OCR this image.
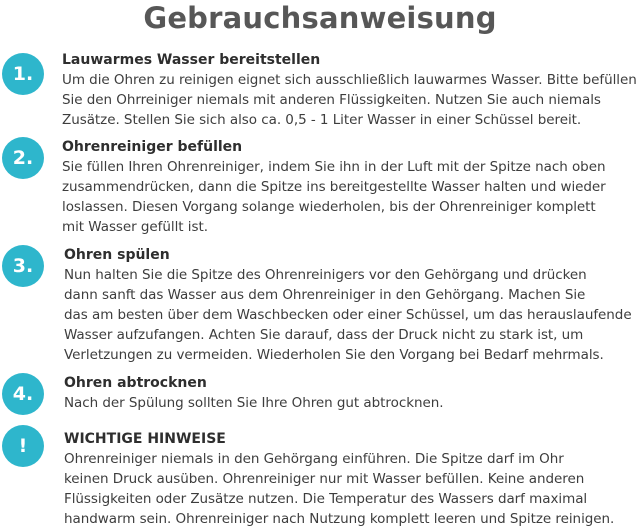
Gebrauchsanweisung
1.
Lauwarmes Wasser bereitstellen
Um die Ohren zu reinigen eignet sich ausschließlich lauwarmes Wasser. Bitte befüllen
Sie den Ohrreiniger niemals mit anderen Flüssigkeiten. Nutzen Sie auch niemals
Zusätze. Stellen Sie sich also ca. 0,5 - 1 Liter Wasser in einer Schüssel bereit.
2.	Ohrenreiniger befüllen
Sie füllen Ihren Ohrenreiniger, indem Sie ihn in der Luft mit der Spitze nach oben
zusammendrücken, dann die Spitze ins bereitgestellte Wasser halten und wieder
loslassen. Diesen Vorgang solange wiederholen, bis der Ohrenreiniger komplett
mit Wasser gefüllt ist.
3.	Ohren spülen
Nun halten Sie die Spitze des Ohrenreinigers vor den Gehörgang und drücken
dann sanft das Wasser aus dem Ohrenreiniger in den Gehörgang. Machen Sie
das am besten über dem Waschbecken oder einer Schüssel, um das herauslaufende
Wasser aufzufangen. Achten Sie darauf, dass der Druck nicht zu stark ist, um
Verletzungen zu vermeiden. Wiederholen Sie den Vorgang bei Bedarf mehrmals.
4.	Ohren abtrocknen
Nach der Spülung sollten Sie Ihre Ohren gut abtrocknen.
!	WICHTIGE HINWEISE
Ohrenreiniger niemals in den Gehörgang einführen. Die Spitze darf im Ohr
keinen Druck ausüben. Ohrenreiniger nur mit Wasser befüllen. Keine anderen
Flüssigkeiten oder Zusätze nutzen. Die Temperatur des Wassers darf maximal
handwarm sein. Ohrenreiniger nach Nutzung komplett leeren und Spitze reinigen.
